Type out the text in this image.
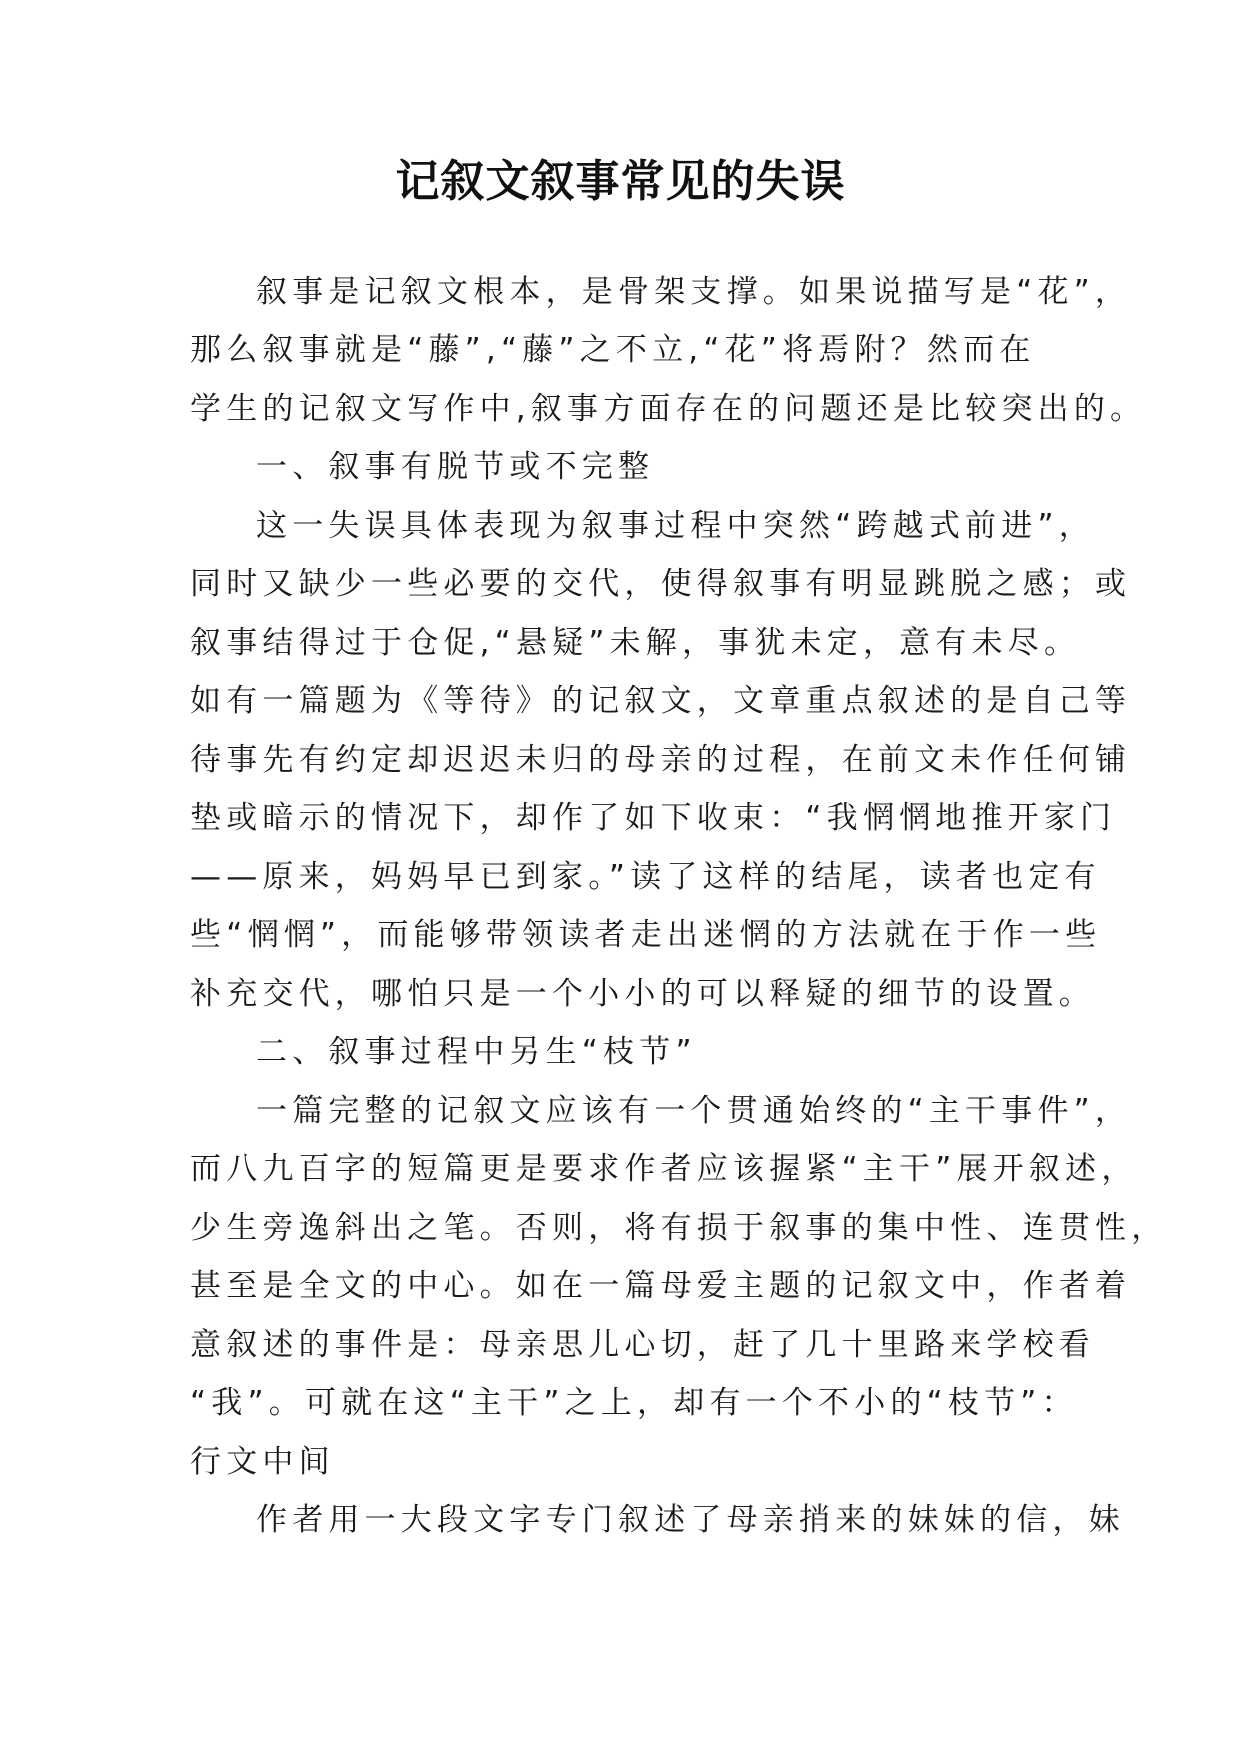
记叙文叙事常见的失误
叙事是记叙文根本，是骨架支撑。如果说描写是“花”，
那么叙事就是“藤”,“藤”之不立,“花”将焉附？然而在
学生的记叙文写作中,叙事方面存在的问题还是比较突出的。
一、叙事有脱节或不完整
这一失误具体表现为叙事过程中突然“跨越式前进”，
同时又缺少一些必要的交代，使得叙事有明显跳脱之感；或
叙事结得过于仓促,“悬疑”未解，事犹未定，意有未尽。
如有一篇题为《等待》的记叙文，文章重点叙述的是自己等
待事先有约定却迟迟未归的母亲的过程，在前文未作任何铺
垫或暗示的情况下，却作了如下收束：“我惘惘地推开家门
——原来，妈妈早已到家。”读了这样的结尾，读者也定有
些“惘惘”，而能够带领读者走出迷惘的方法就在于作一些
补充交代，哪怕只是一个小小的可以释疑的细节的设置。
二、叙事过程中另生“枝节”
一篇完整的记叙文应该有一个贯通始终的“主干事件”，
而八九百字的短篇更是要求作者应该握紧“主干”展开叙述，
少生旁逸斜出之笔。否则，将有损于叙事的集中性、连贯性，
甚至是全文的中心。如在一篇母爱主题的记叙文中，作者着
意叙述的事件是：母亲思儿心切，赶了几十里路来学校看
“我”。可就在这“主干”之上，却有一个不小的“枝节”：
行文中间
作者用一大段文字专门叙述了母亲捎来的妹妹的信，妹
